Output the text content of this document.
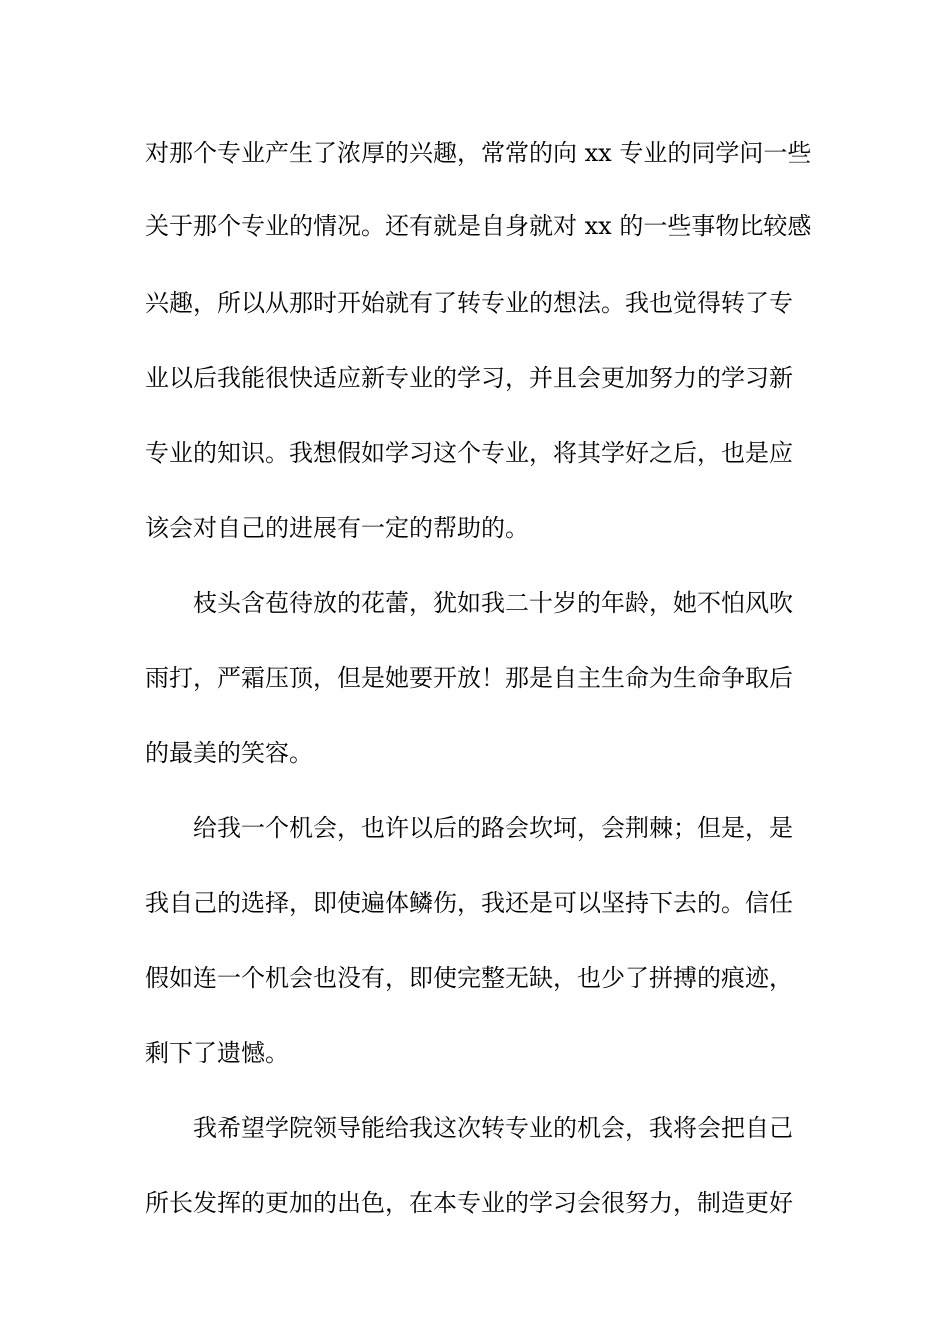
对那个专业产生了浓厚的兴趣，常常的向 xx 专业的同学问一些
关于那个专业的情况。还有就是自身就对 xx 的一些事物比较感
兴趣，所以从那时开始就有了转专业的想法。我也觉得转了专
业以后我能很快适应新专业的学习，并且会更加努力的学习新
专业的知识。我想假如学习这个专业，将其学好之后，也是应
该会对自己的进展有一定的帮助的。
枝头含苞待放的花蕾，犹如我二十岁的年龄，她不怕风吹
雨打，严霜压顶，但是她要开放！那是自主生命为生命争取后
的最美的笑容。
给我一个机会，也许以后的路会坎坷，会荆棘；但是，是
我自己的选择，即使遍体鳞伤，我还是可以坚持下去的。信任
假如连一个机会也没有，即使完整无缺，也少了拼搏的痕迹，
剩下了遗憾。
我希望学院领导能给我这次转专业的机会，我将会把自己
所长发挥的更加的出色，在本专业的学习会很努力，制造更好
